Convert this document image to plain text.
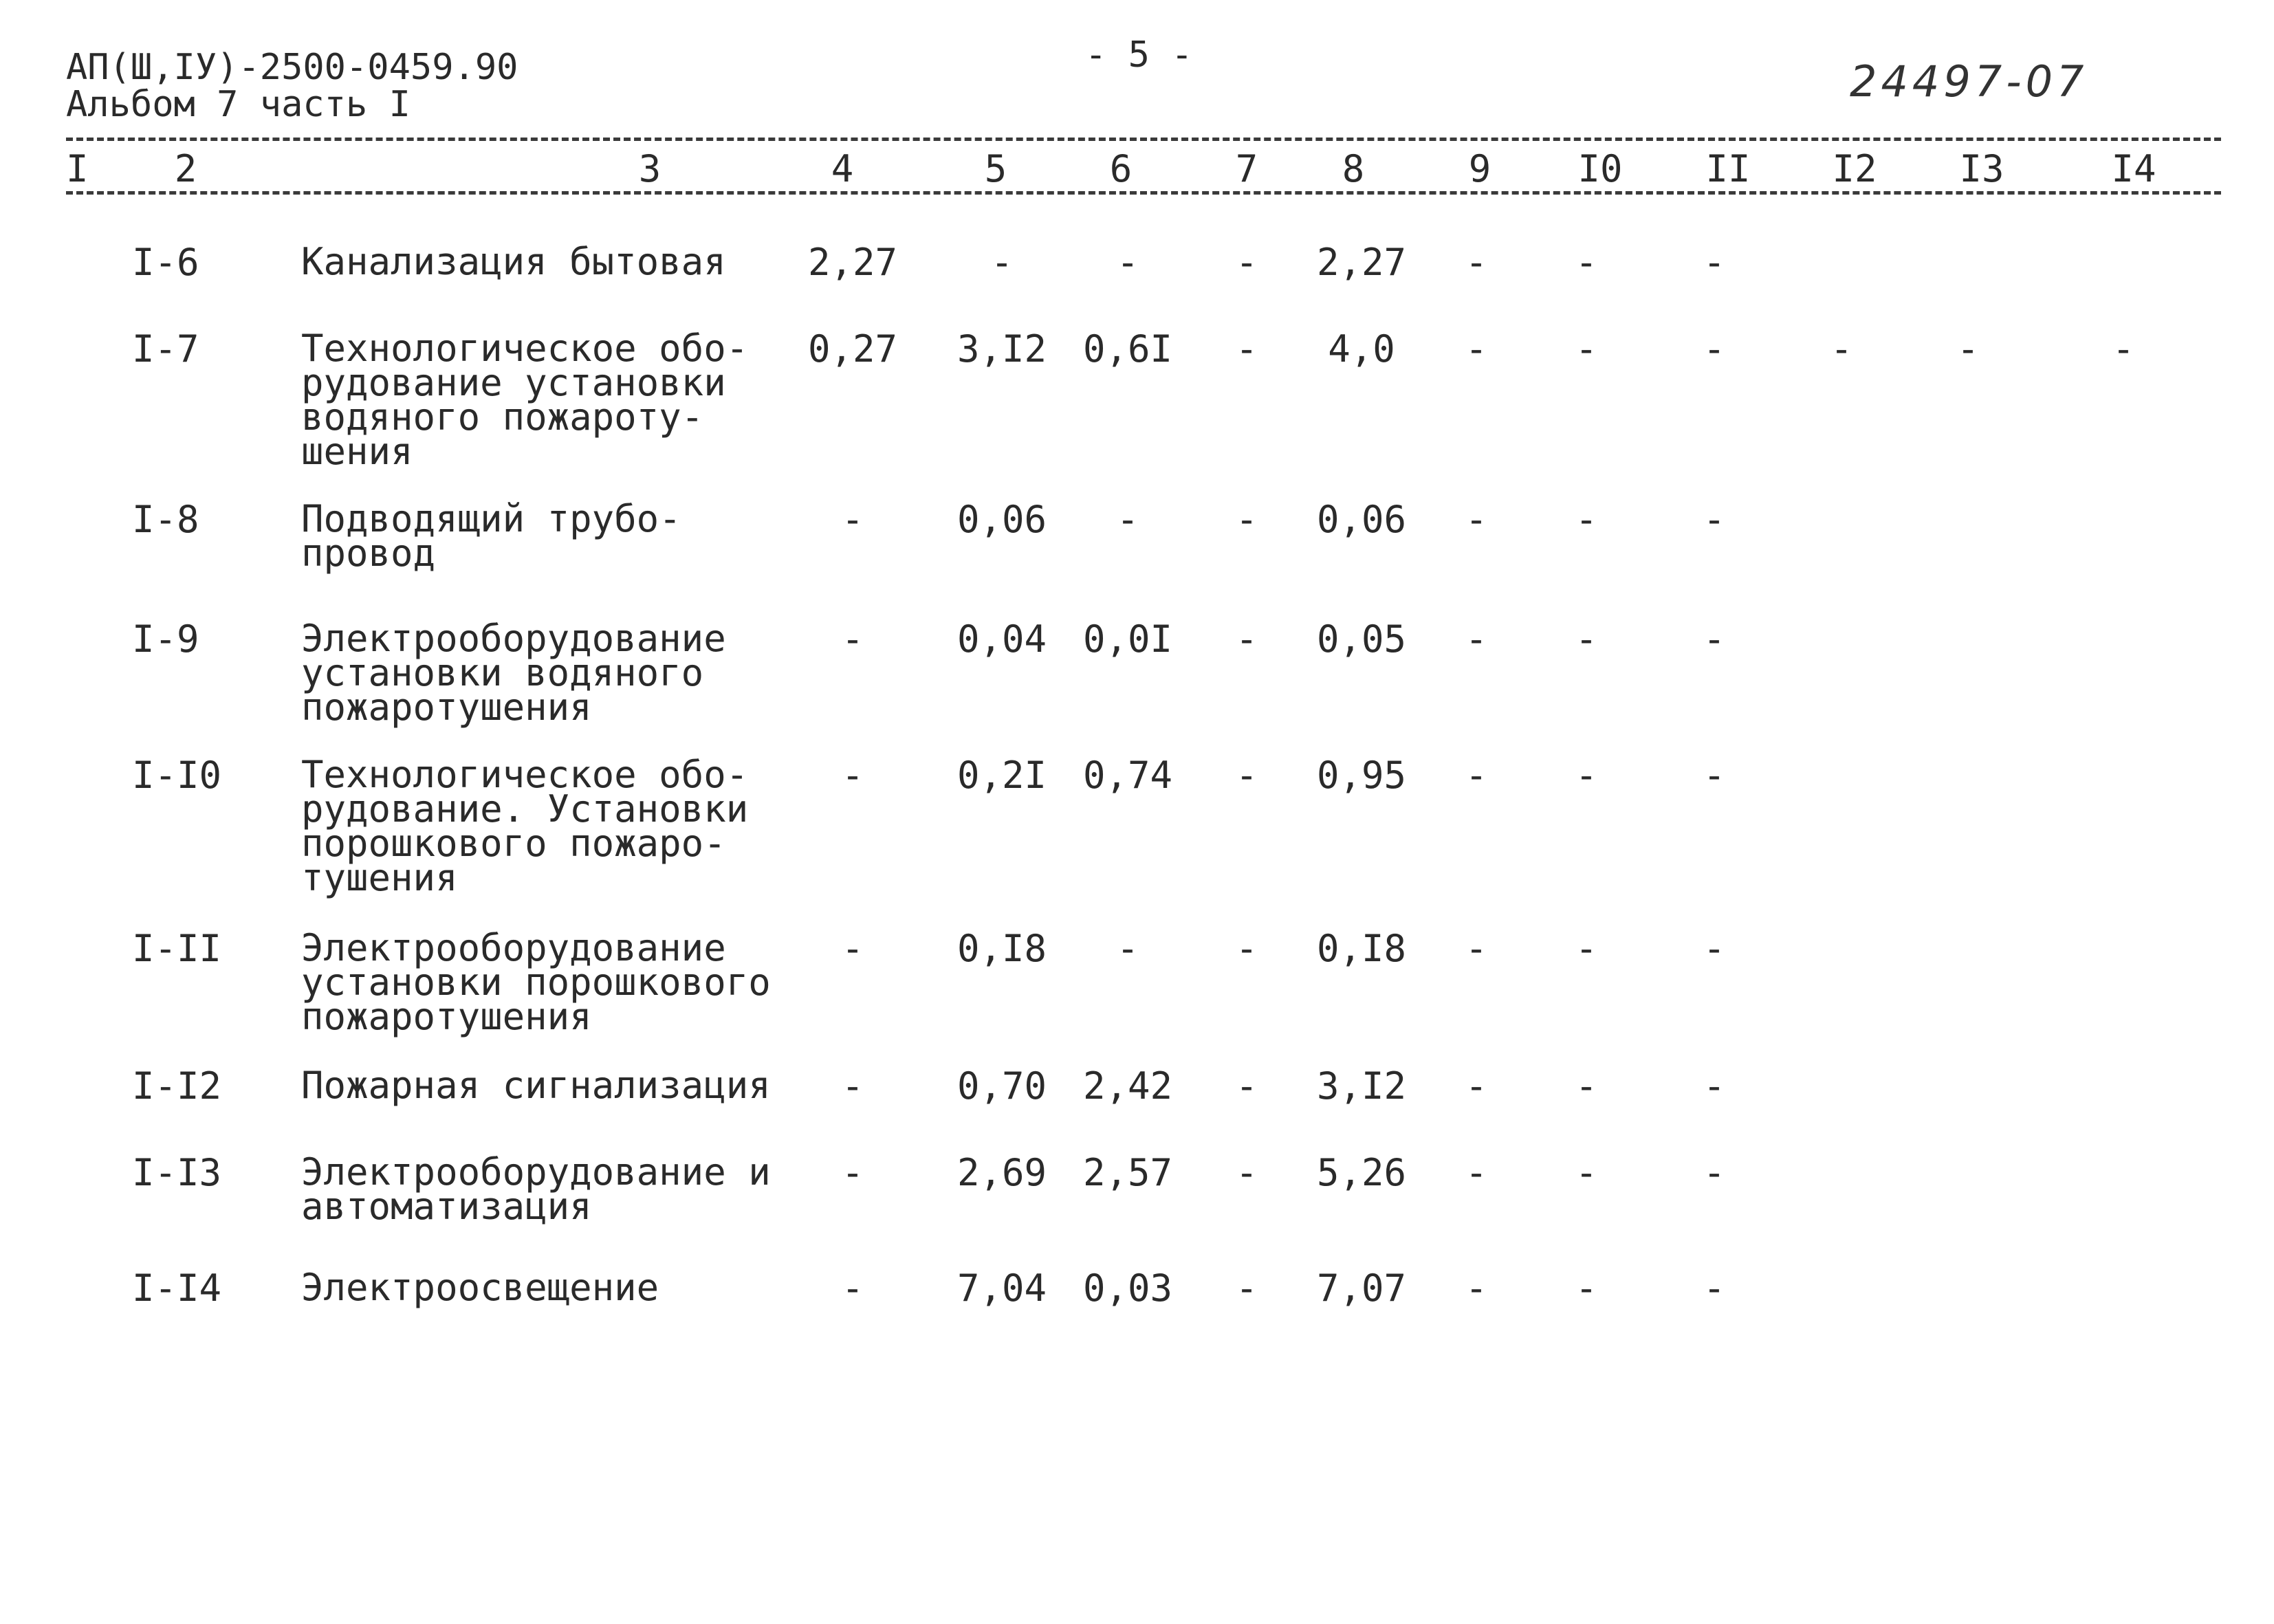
АП(Ш,IУ)-2500-0459.90
Альбом 7 часть I
- 5 -
24497-07
I 2	3	4	5	6	7 8	9 I0 II I2 I3	I4
I-6	Канализация бытовая	2,27	-	-	- 2,27 - -	-
I-7	Технологическое обо-
рудование установки
водяного пожароту-
шения
0,27 3,I2 0,6I - 4,0 - -	-	-	-	-
I-8	Подводящий трубо-
провод
-	0,06 -	- 0,06 - -	-
I-9	Электрооборудование
установки водяного
пожаротушения
-	0,04 0,0I - 0,05 - -	-
I-I0 Технологическое обо-
рудование. Установки
порошкового пожаро-
тушения
-	0,2I 0,74 - 0,95 - -	-
I-II Электрооборудование
установки порошкового
пожаротушения
-	0,I8 -	- 0,I8 - -	-
I-I2 Пожарная сигнализация	-	0,70 2,42 - 3,I2 - -	-
I-I3 Электрооборудование и
автоматизация
-	2,69 2,57 - 5,26 - -	-
I-I4 Электроосвещение	-	7,04 0,03 - 7,07 - -	-
